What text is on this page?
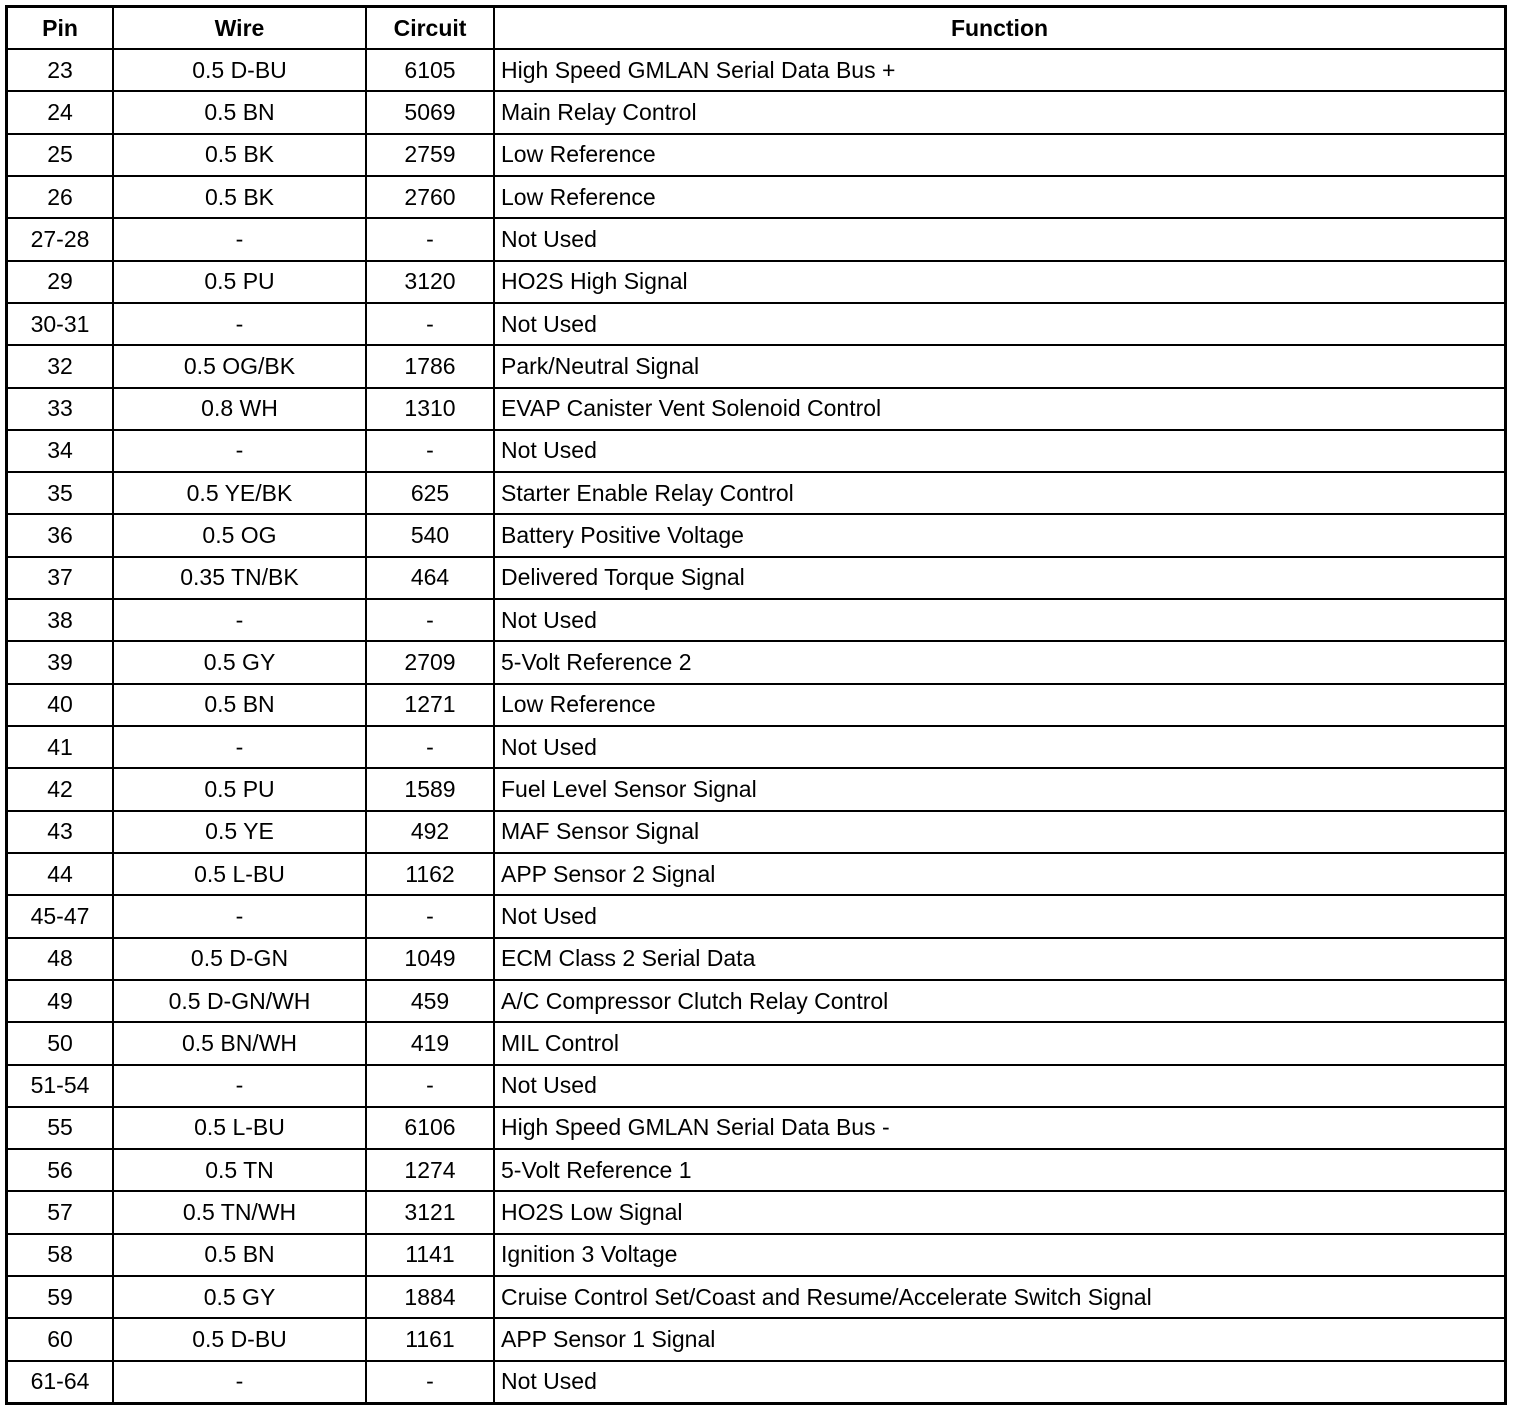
Pin	Wire	Circuit	Function
23	0.5 D-BU	6105	High Speed GMLAN Serial Data Bus +
24	0.5 BN	5069	Main Relay Control
25	0.5 BK	2759	Low Reference
26	0.5 BK	2760	Low Reference
27-28	-	-	Not Used
29	0.5 PU	3120	HO2S High Signal
30-31	-	-	Not Used
32	0.5 OG/BK	1786	Park/Neutral Signal
33	0.8 WH	1310	EVAP Canister Vent Solenoid Control
34	-	-	Not Used
35	0.5 YE/BK	625	Starter Enable Relay Control
36	0.5 OG	540	Battery Positive Voltage
37	0.35 TN/BK	464	Delivered Torque Signal
38	-	-	Not Used
39	0.5 GY	2709	5-Volt Reference 2
40	0.5 BN	1271	Low Reference
41	-	-	Not Used
42	0.5 PU	1589	Fuel Level Sensor Signal
43	0.5 YE	492	MAF Sensor Signal
44	0.5 L-BU	1162	APP Sensor 2 Signal
45-47	-	-	Not Used
48	0.5 D-GN	1049	ECM Class 2 Serial Data
49	0.5 D-GN/WH	459	A/C Compressor Clutch Relay Control
50	0.5 BN/WH	419	MIL Control
51-54	-	-	Not Used
55	0.5 L-BU	6106	High Speed GMLAN Serial Data Bus -
56	0.5 TN	1274	5-Volt Reference 1
57	0.5 TN/WH	3121	HO2S Low Signal
58	0.5 BN	1141	Ignition 3 Voltage
59	0.5 GY	1884	Cruise Control Set/Coast and Resume/Accelerate Switch Signal
60	0.5 D-BU	1161	APP Sensor 1 Signal
61-64	-	-	Not Used
